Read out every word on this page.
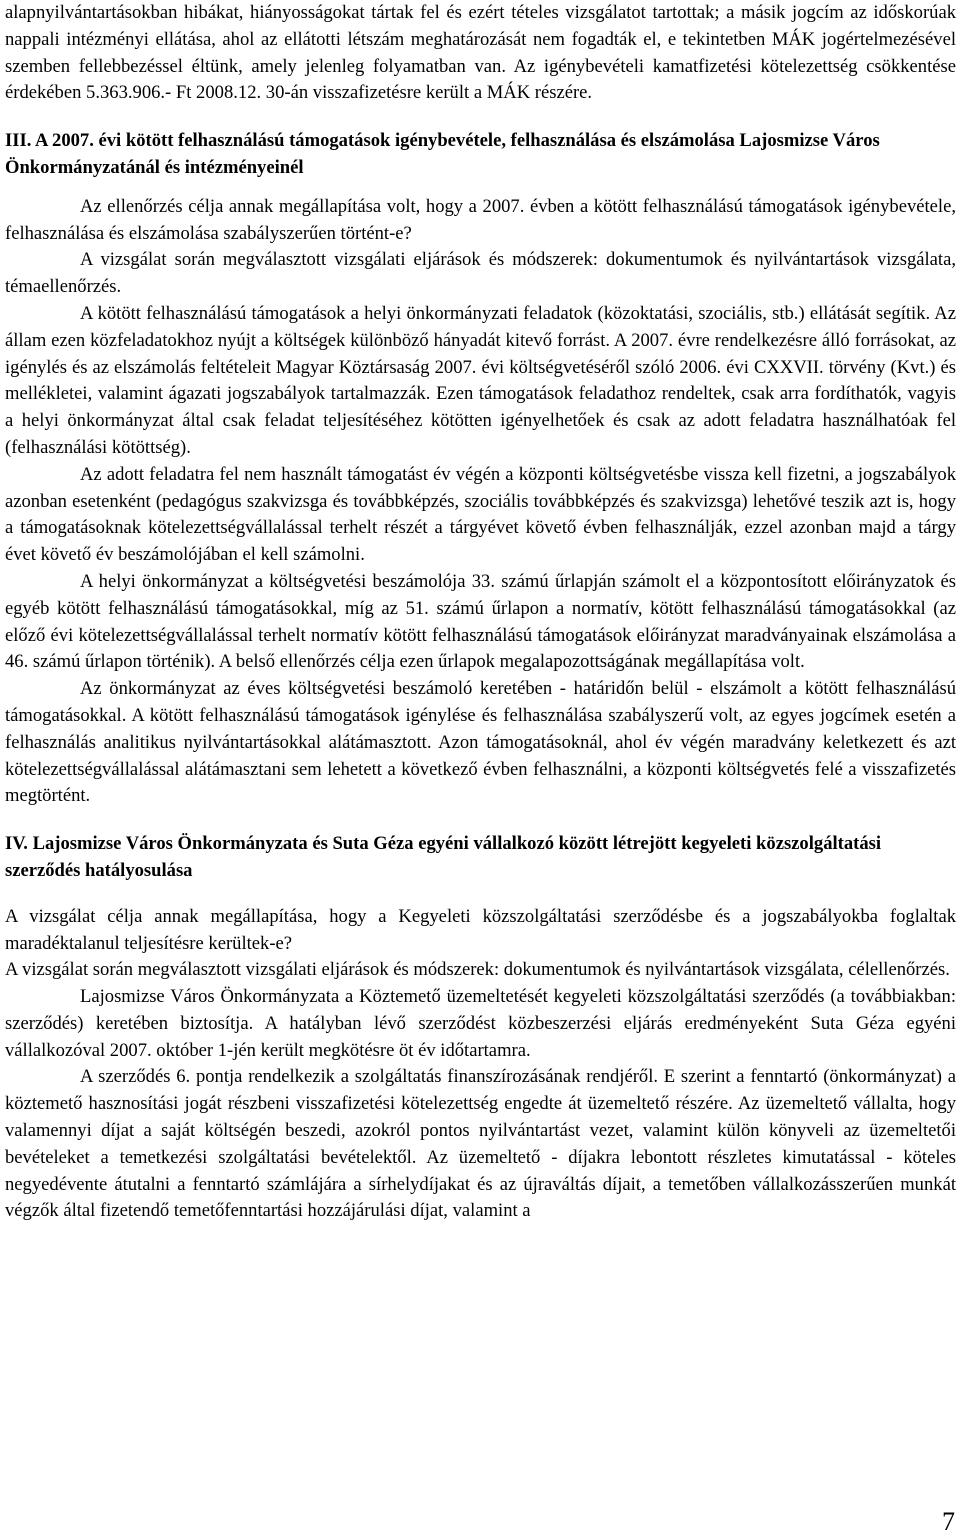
alapnyilvántartásokban hibákat, hiányosságokat tártak fel és ezért tételes vizsgálatot tartottak; a másik jogcím az időskorúak nappali intézményi ellátása, ahol az ellátotti létszám meghatározását nem fogadták el, e tekintetben MÁK jogértelmezésével szemben fellebbezéssel éltünk, amely jelenleg folyamatban van. Az igénybevételi kamatfizetési kötelezettség csökkentése érdekében 5.363.906.- Ft 2008.12. 30-án visszafizetésre került a MÁK részére.

III. A 2007. évi kötött felhasználású támogatások igénybevétele, felhasználása és elszámolása Lajosmizse Város Önkormányzatánál és intézményeinél

Az ellenőrzés célja annak megállapítása volt, hogy a 2007. évben a kötött felhasználású támogatások igénybevétele, felhasználása és elszámolása szabályszerűen történt-e?

A vizsgálat során megválasztott vizsgálati eljárások és módszerek: dokumentumok és nyilvántartások vizsgálata, témaellenőrzés.

A kötött felhasználású támogatások a helyi önkormányzati feladatok (közoktatási, szociális, stb.) ellátását segítik. Az állam ezen közfeladatokhoz nyújt a költségek különböző hányadát kitevő forrást. A 2007. évre rendelkezésre álló forrásokat, az igénylés és az elszámolás feltételeit Magyar Köztársaság 2007. évi költségvetéséről szóló 2006. évi CXXVII. törvény (Kvt.) és mellékletei, valamint ágazati jogszabályok tartalmazzák. Ezen támogatások feladathoz rendeltek, csak arra fordíthatók, vagyis a helyi önkormányzat által csak feladat teljesítéséhez kötötten igényelhetőek és csak az adott feladatra használhatóak fel (felhasználási kötöttség).

Az adott feladatra fel nem használt támogatást év végén a központi költségvetésbe vissza kell fizetni, a jogszabályok azonban esetenként (pedagógus szakvizsga és továbbképzés, szociális továbbképzés és szakvizsga) lehetővé teszik azt is, hogy a támogatásoknak kötelezettségvállalással terhelt részét a tárgyévet követő évben felhasználják, ezzel azonban majd a tárgy évet követő év beszámolójában el kell számolni.

A helyi önkormányzat a költségvetési beszámolója 33. számú űrlapján számolt el a központosított előirányzatok és egyéb kötött felhasználású támogatásokkal, míg az 51. számú űrlapon a normatív, kötött felhasználású támogatásokkal (az előző évi kötelezettségvállalással terhelt normatív kötött felhasználású támogatások előirányzat maradványainak elszámolása a 46. számú űrlapon történik). A belső ellenőrzés célja ezen űrlapok megalapozottságának megállapítása volt.

Az önkormányzat az éves költségvetési beszámoló keretében - határidőn belül - elszámolt a kötött felhasználású támogatásokkal. A kötött felhasználású támogatások igénylése és felhasználása szabályszerű volt, az egyes jogcímek esetén a felhasználás analitikus nyilvántartásokkal alátámasztott. Azon támogatásoknál, ahol év végén maradvány keletkezett és azt kötelezettségvállalással alátámasztani sem lehetett a következő évben felhasználni, a központi költségvetés felé a visszafizetés megtörtént.

IV. Lajosmizse Város Önkormányzata és Suta Géza egyéni vállalkozó között létrejött kegyeleti közszolgáltatási szerződés hatályosulása

A vizsgálat célja annak megállapítása, hogy a Kegyeleti közszolgáltatási szerződésbe és a jogszabályokba foglaltak maradéktalanul teljesítésre kerültek-e?

A vizsgálat során megválasztott vizsgálati eljárások és módszerek: dokumentumok és nyilvántartások vizsgálata, célellenőrzés.

Lajosmizse Város Önkormányzata a Köztemető üzemeltetését kegyeleti közszolgáltatási szerződés (a továbbiakban: szerződés) keretében biztosítja. A hatályban lévő szerződést közbeszerzési eljárás eredményeként Suta Géza egyéni vállalkozóval 2007. október 1-jén került megkötésre öt év időtartamra.

A szerződés 6. pontja rendelkezik a szolgáltatás finanszírozásának rendjéről. E szerint a fenntartó (önkormányzat) a köztemető hasznosítási jogát részbeni visszafizetési kötelezettség engedte át üzemeltető részére. Az üzemeltető vállalta, hogy valamennyi díjat a saját költségén beszedi, azokról pontos nyilvántartást vezet, valamint külön könyveli az üzemeltetői bevételeket a temetkezési szolgáltatási bevételektől. Az üzemeltető - díjakra lebontott részletes kimutatással - köteles negyedévente átutalni a fenntartó számlájára a sírhelydíjakat és az újraváltás díjait, a temetőben vállalkozásszerűen munkát végzők által fizetendő temetőfenntartási hozzájárulási díjat, valamint a

7
